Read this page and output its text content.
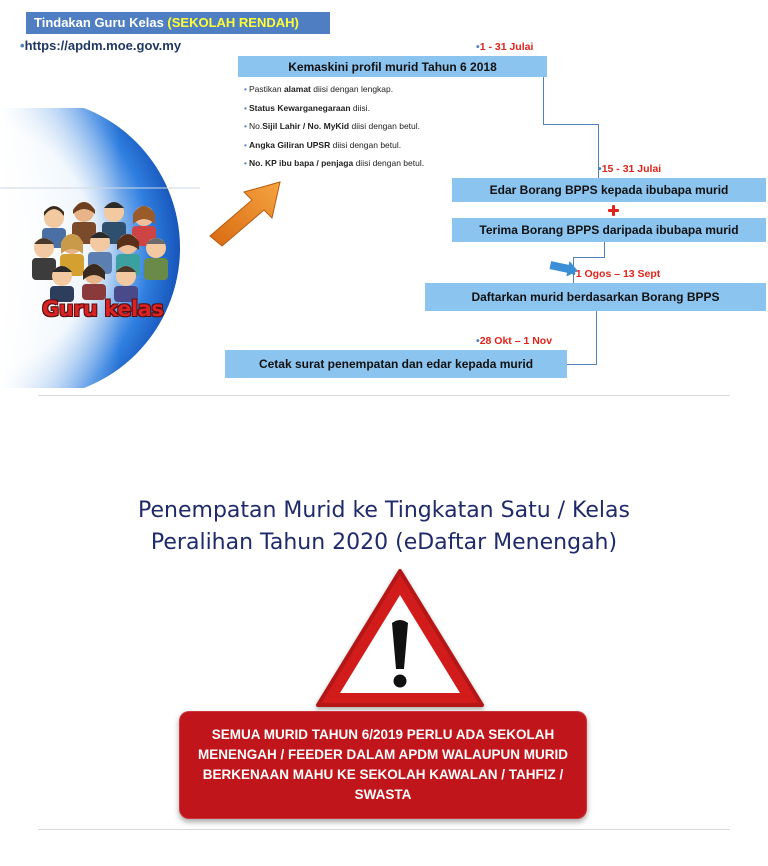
Tindakan Guru Kelas (SEKOLAH RENDAH)
•https://apdm.moe.gov.my
Guru kelas
•1 - 31 Julai
Kemaskini profil murid Tahun 6 2018
• Pastikan alamat diisi dengan lengkap.
• Status Kewarganegaraan diisi.
• No.Sijil Lahir / No. MyKid diisi dengan betul.
• Angka Giliran UPSR diisi dengan betul.
• No. KP ibu bapa / penjaga diisi dengan betul.	•15 - 31 Julai
Edar Borang BPPS kepada ibubapa murid
Terima Borang BPPS daripada ibubapa murid
•1 Ogos – 13 Sept
Daftarkan murid berdasarkan Borang BPPS
•28 Okt – 1 Nov
Cetak surat penempatan dan edar kepada murid
Penempatan Murid ke Tingkatan Satu / Kelas
Peralihan Tahun 2020 (eDaftar Menengah)
SEMUA MURID TAHUN 6/2019 PERLU ADA SEKOLAH MENENGAH / FEEDER DALAM APDM WALAUPUN MURID BERKENAAN MAHU KE SEKOLAH KAWALAN / TAHFIZ / SWASTA
